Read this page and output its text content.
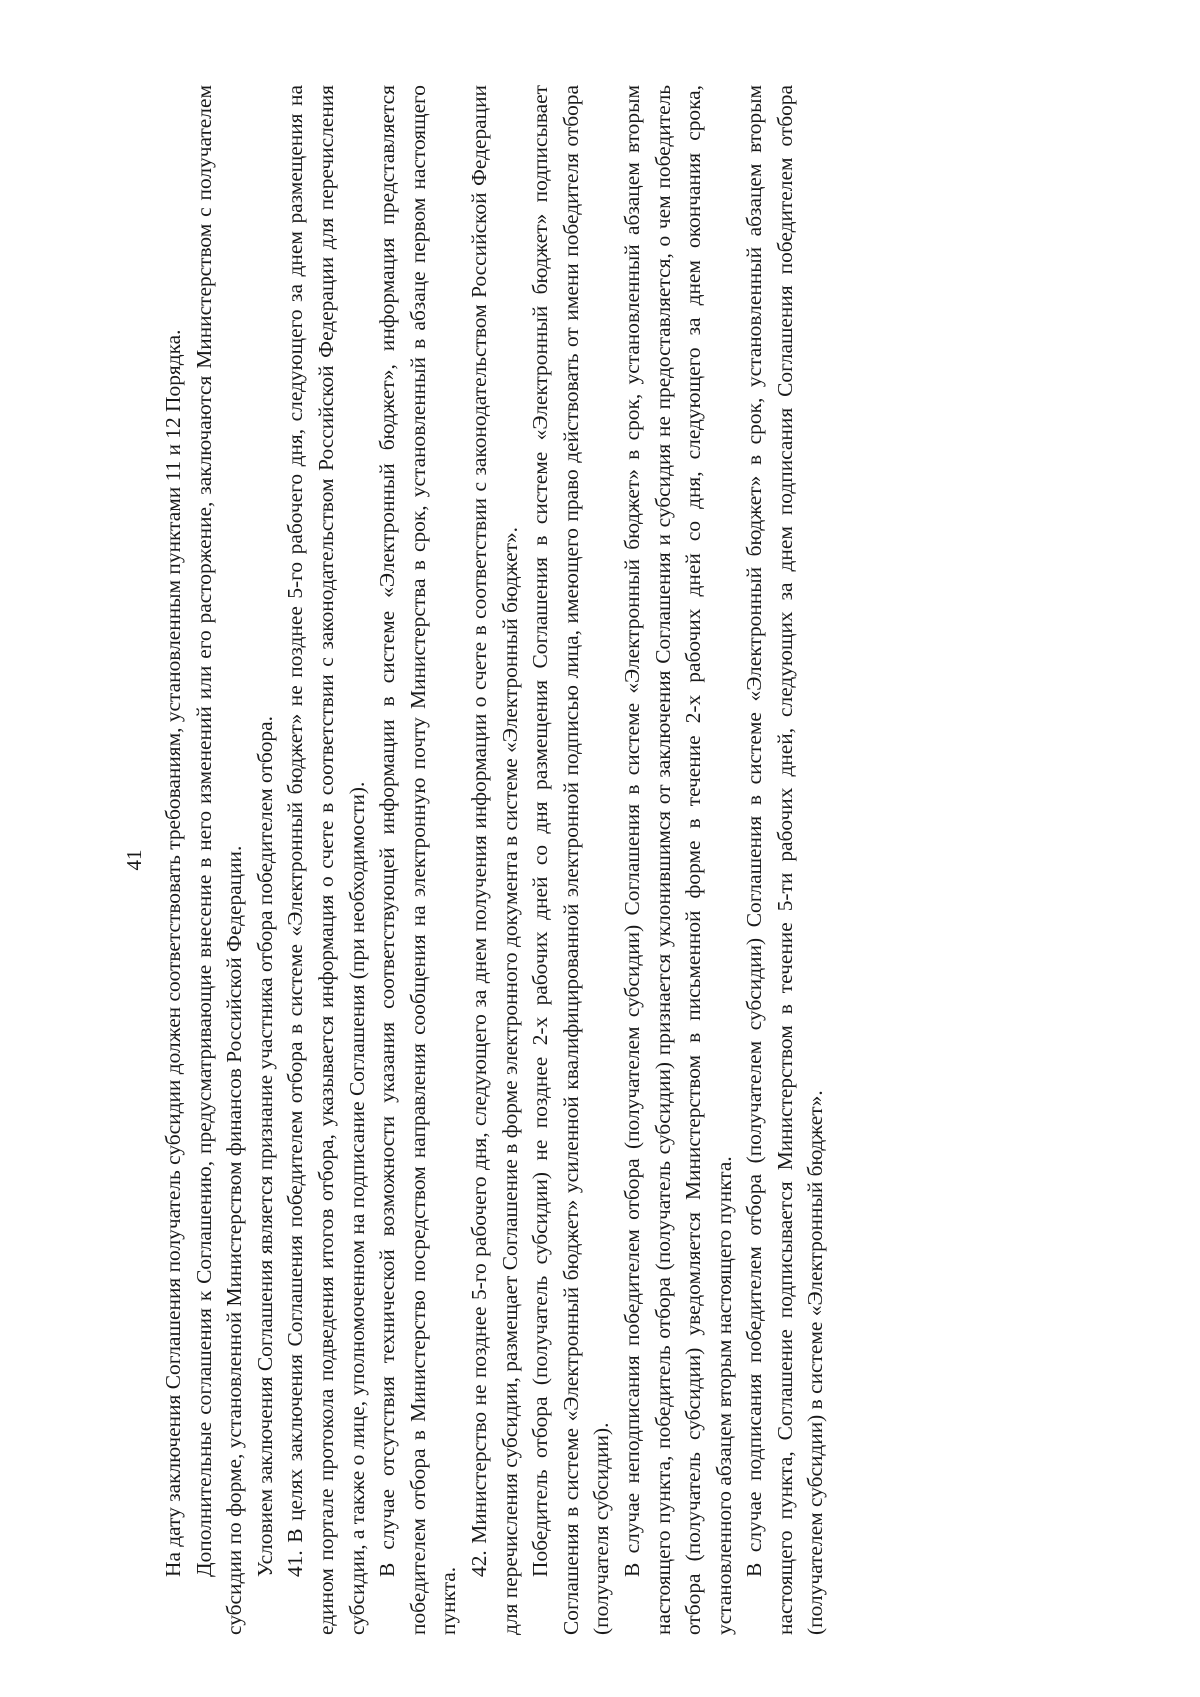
41 На дату заключения Соглашения получатель субсидии должен соответствовать требованиям, установленным пунктами 11 и 12 Порядка. Дополнительные соглашения к Соглашению, предусматривающие внесение в него изменений или его расторжение, заключаются Министерством с получателем субсидии по форме, установленной Министерством финансов Российской Федерации. Условием заключения Соглашения является признание участника отбора победителем отбора. 41. В целях заключения Соглашения победителем отбора в системе «Электронный бюджет» не позднее 5-го рабочего дня, следующего за днем размещения на едином портале протокола подведения итогов отбора, указывается информация о счете в соответствии с законодательством Российской Федерации для перечисления субсидии, а также о лице, уполномоченном на подписание Соглашения (при необходимости). В случае отсутствия технической возможности указания соответствующей информации в системе «Электронный бюджет», информация представляется победителем отбора в Министерство посредством направления сообщения на электронную почту Министерства в срок, установленный в абзаце первом настоящего пункта.

42. Министерство не позднее 5-го рабочего дня, следующего за днем получения информации о счете в соответствии с законодательством Российской Федерации для перечисления субсидии, размещает Соглашение в форме электронного документа в системе «Электронный бюджет». Победитель отбора (получатель субсидии) не позднее 2-х рабочих дней со дня размещения Соглашения в системе «Электронный бюджет» подписывает Соглашения в системе «Электронный бюджет» усиленной квалифицированной электронной подписью лица, имеющего право действовать от имени победителя отбора (получателя субсидии). В случае неподписания победителем отбора (получателем субсидии) Соглашения в системе «Электронный бюджет» в срок, установленный абзацем вторым настоящего пункта, победитель отбора (получатель субсидии) признается уклонившимся от заключения Соглашения и субсидия не предоставляется, о чем победитель отбора (получатель субсидии) уведомляется Министерством в письменной форме в течение 2-х рабочих дней со дня, следующего за днем окончания срока, установленного абзацем вторым настоящего пункта. В случае подписания победителем отбора (получателем субсидии) Соглашения в системе «Электронный бюджет» в срок, установленный абзацем вторым настоящего пункта, Соглашение подписывается Министерством в течение 5-ти рабочих дней, следующих за днем подписания Соглашения победителем отбора (получателем субсидии) в системе «Электронный бюджет».
